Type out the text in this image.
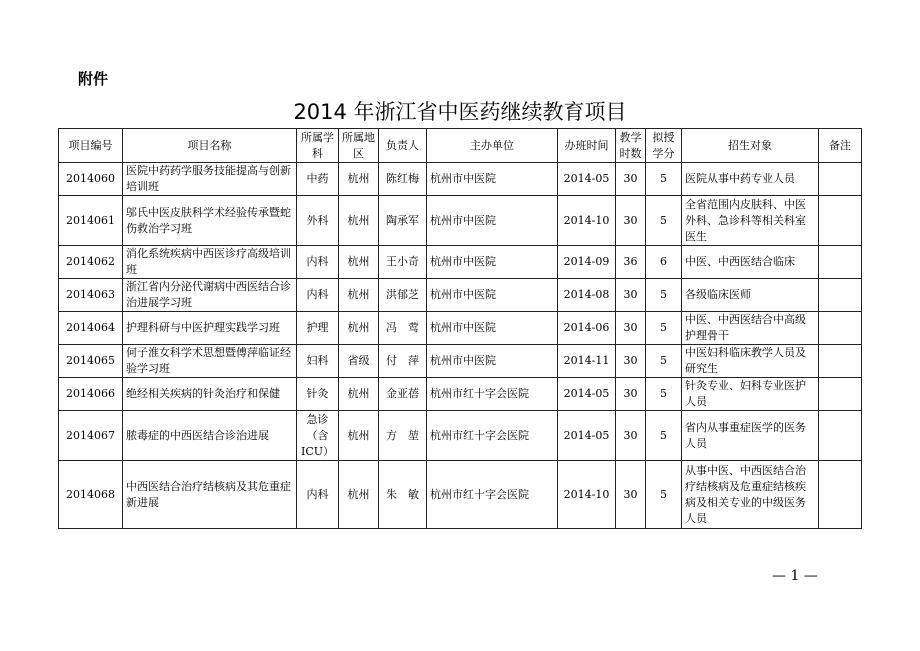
附件
2014 年浙江省中医药继续教育项目
项目编号	项目名称	所属学科	所属地区	负责人	主办单位	办班时间	教学时数	拟授学分	招生对象	备注
2014060	医院中药药学服务技能提高与创新培训班	中药	杭州	陈红梅	杭州市中医院	2014-05	30	5	医院从事中药专业人员	
2014061	邬氏中医皮肤科学术经验传承暨蛇伤救治学习班	外科	杭州	陶承军	杭州市中医院	2014-10	30	5	全省范围内皮肤科、中医外科、急诊科等相关科室医生	
2014062	消化系统疾病中西医诊疗高级培训班	内科	杭州	王小奇	杭州市中医院	2014-09	36	6	中医、中西医结合临床	
2014063	浙江省内分泌代谢病中西医结合诊治进展学习班	内科	杭州	洪郁芝	杭州市中医院	2014-08	30	5	各级临床医师	
2014064	护理科研与中医护理实践学习班	护理	杭州	冯　莺	杭州市中医院	2014-06	30	5	中医、中西医结合中高级护理骨干	
2014065	何子淮女科学术思想暨傅萍临证经验学习班	妇科	省级	付　萍	杭州市中医院	2014-11	30	5	中医妇科临床教学人员及研究生	
2014066	绝经相关疾病的针灸治疗和保健	针灸	杭州	金亚蓓	杭州市红十字会医院	2014-05	30	5	针灸专业、妇科专业医护人员	
2014067	脓毒症的中西医结合诊治进展	急诊（含ICU）	杭州	方　堃	杭州市红十字会医院	2014-05	30	5	省内从事重症医学的医务人员	
2014068	中西医结合治疗结核病及其危重症新进展	内科	杭州	朱　敏	杭州市红十字会医院	2014-10	30	5	从事中医、中西医结合治疗结核病及危重症结核疾病及相关专业的中级医务人员	
— 1 —
